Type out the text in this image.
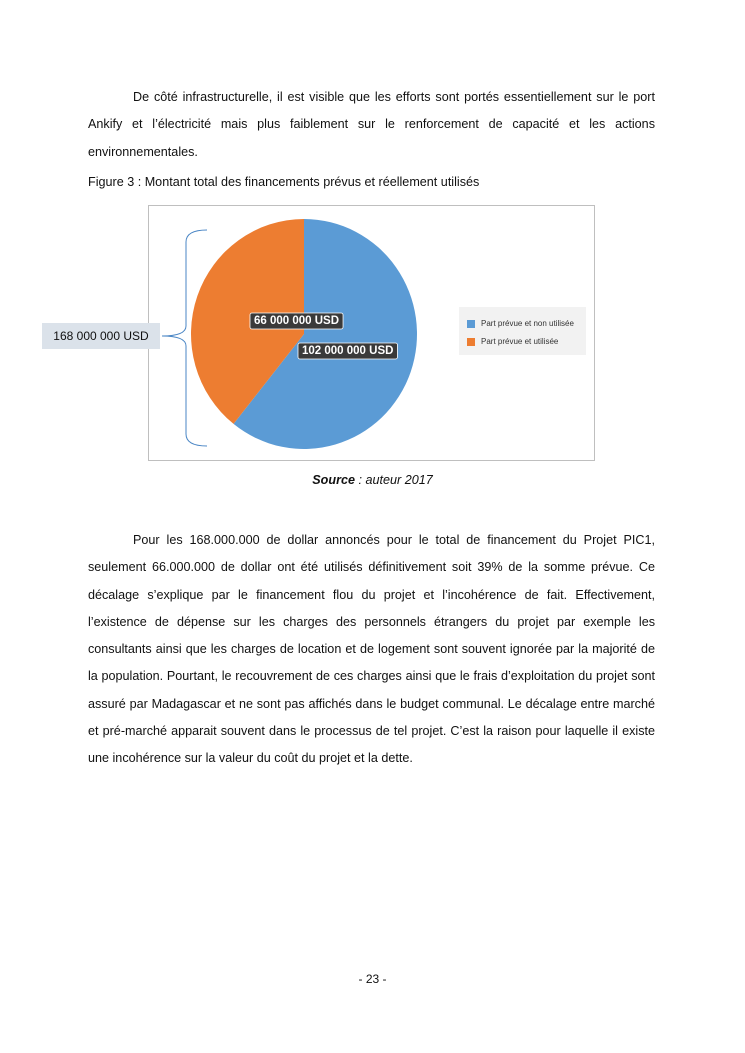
De côté infrastructurelle, il est visible que les efforts sont portés essentiellement sur le port Ankify et l’électricité mais plus faiblement sur le renforcement de capacité et les actions environnementales.

Figure 3 : Montant total des financements prévus et réellement utilisés

102 000 000 USD
66 000 000 USD	Part prévue et non utilisée
Part prévue et utilisée
168 000 000 USD

Source : auteur 2017

Pour les 168.000.000 de dollar annoncés pour le total de financement du Projet PIC1, seulement 66.000.000 de dollar ont été utilisés définitivement soit 39% de la somme prévue. Ce décalage s’explique par le financement flou du projet et l’incohérence de fait. Effectivement, l’existence de dépense sur les charges des personnels étrangers du projet par exemple les consultants ainsi que les charges de location et de logement sont souvent ignorée par la majorité de la population. Pourtant, le recouvrement de ces charges ainsi que le frais d’exploitation du projet sont assuré par Madagascar et ne sont pas affichés dans le budget communal. Le décalage entre marché et pré-marché apparait souvent dans le processus de tel projet. C’est la raison pour laquelle il existe une incohérence sur la valeur du coût du projet et la dette.

- 23 -
